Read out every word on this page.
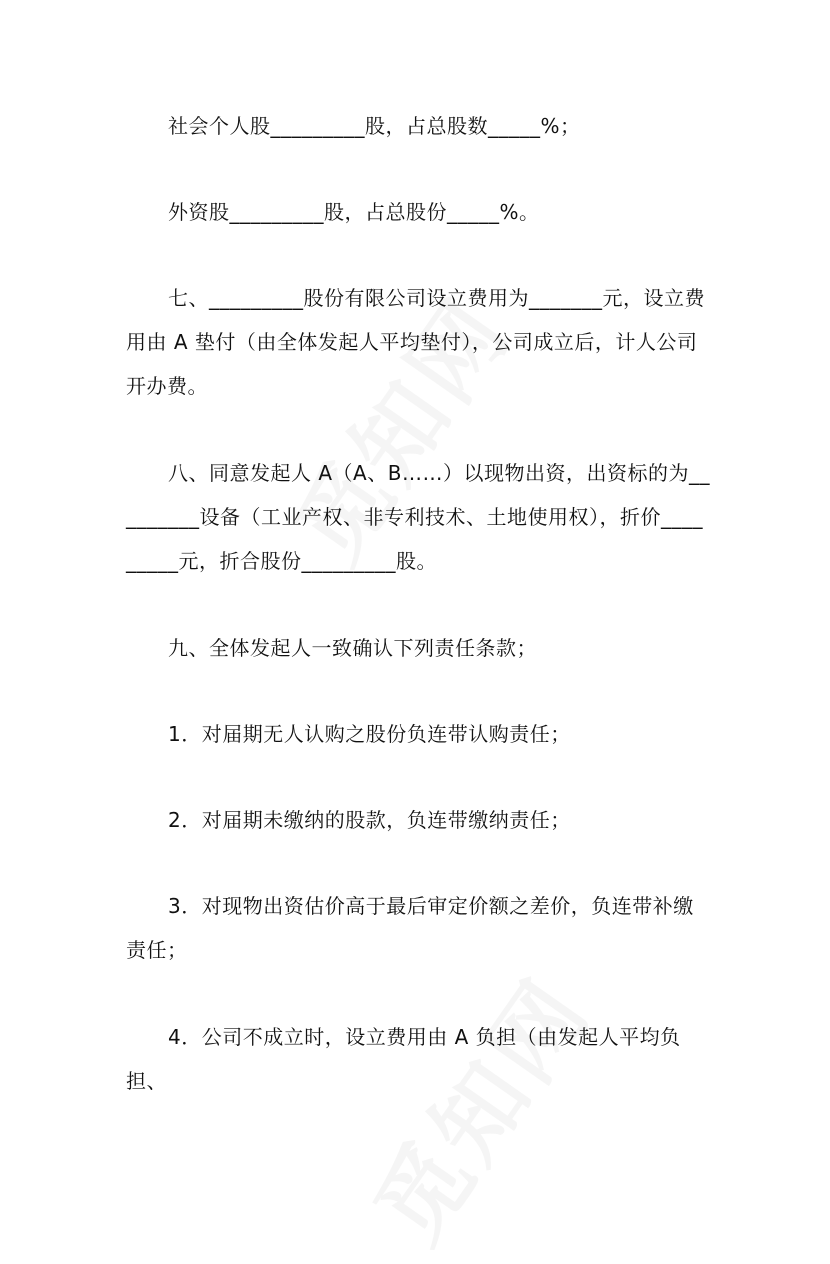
社会个人股_________股，占总股数_____%；

外资股_________股，占总股份_____%。

七、_________股份有限公司设立费用为_______元，设立费用由 A 垫付（由全体发起人平均垫付），公司成立后，计人公司开办费。

八、同意发起人 A（A、B……）以现物出资，出资标的为_________设备（工业产权、非专利技术、土地使用权），折价_________元，折合股份_________股。

九、全体发起人一致确认下列责任条款；

1．对届期无人认购之股份负连带认购责任；

2．对届期未缴纳的股款，负连带缴纳责任；

3．对现物出资估价高于最后审定价额之差价，负连带补缴责任；

4．公司不成立时，设立费用由 A 负担（由发起人平均负担、
